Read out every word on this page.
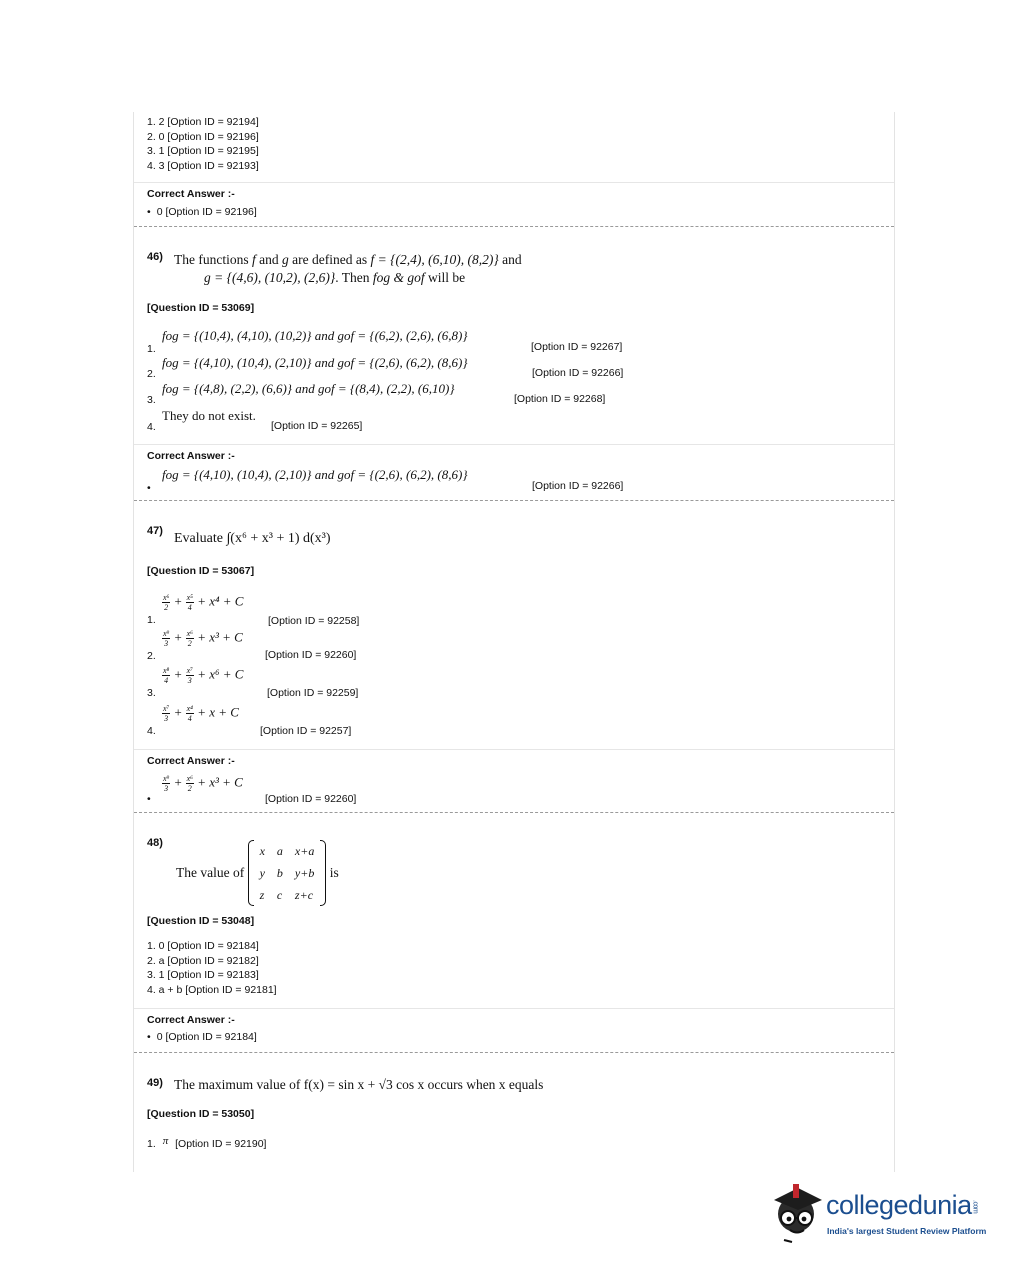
1. 2 [Option ID = 92194]
2. 0 [Option ID = 92196]
3. 1 [Option ID = 92195]
4. 3 [Option ID = 92193]
Correct Answer :-
• 0 [Option ID = 92196]
46) The functions f and g are defined as f = {(2,4), (6,10), (8,2)} and
g = {(4,6), (10,2), (2,6)}. Then fog & gof will be
[Question ID = 53069]
1.
fog = {(10,4), (4,10), (10,2)} and gof = {(6,2), (2,6), (6,8)}
[Option ID = 92267]
2.
fog = {(4,10), (10,4), (2,10)} and gof = {(2,6), (6,2), (8,6)}
[Option ID = 92266]
3.
fog = {(4,8), (2,2), (6,6)} and gof = {(8,4), (2,2), (6,10)}
[Option ID = 92268]
4.
They do not exist.
[Option ID = 92265]
Correct Answer :-
•
fog = {(4,10), (10,4), (2,10)} and gof = {(2,6), (6,2), (8,6)}
[Option ID = 92266]
47) Evaluate ∫(x⁶ + x³ + 1) d(x³)
[Question ID = 53067]
1.
$\frac{\text{x⁶}}{2} + \frac{\text{x⁵}}{4} + x^4 + C$
[Option ID = 92258]
2.
$\frac{\text{x⁹}}{3} + \frac{\text{x⁶}}{2} + x^3 + C$
[Option ID = 92260]
3.
$\frac{\text{x⁸}}{4} + \frac{\text{x⁷}}{3} + x^6 + C$
[Option ID = 92259]
4.
$\frac{\text{x⁷}}{3} + \frac{\text{x⁴}}{4} + x + C$
[Option ID = 92257]
Correct Answer :-
•
$\frac{\text{x⁹}}{3} + \frac{\text{x⁶}}{2} + x^3 + C$
[Option ID = 92260]
48)
The value of
x	a	x+a
y	b	y+b
z	c	z+c
is
[Question ID = 53048]
1. 0 [Option ID = 92184]
2. a [Option ID = 92182]
3. 1 [Option ID = 92183]
4. a + b [Option ID = 92181]
Correct Answer :-
• 0 [Option ID = 92184]
49) The maximum value of f(x) = sin x + √3 cos x occurs when x equals
[Question ID = 53050]
1. π [Option ID = 92190]
collegedunia.com
India's largest Student Review Platform
